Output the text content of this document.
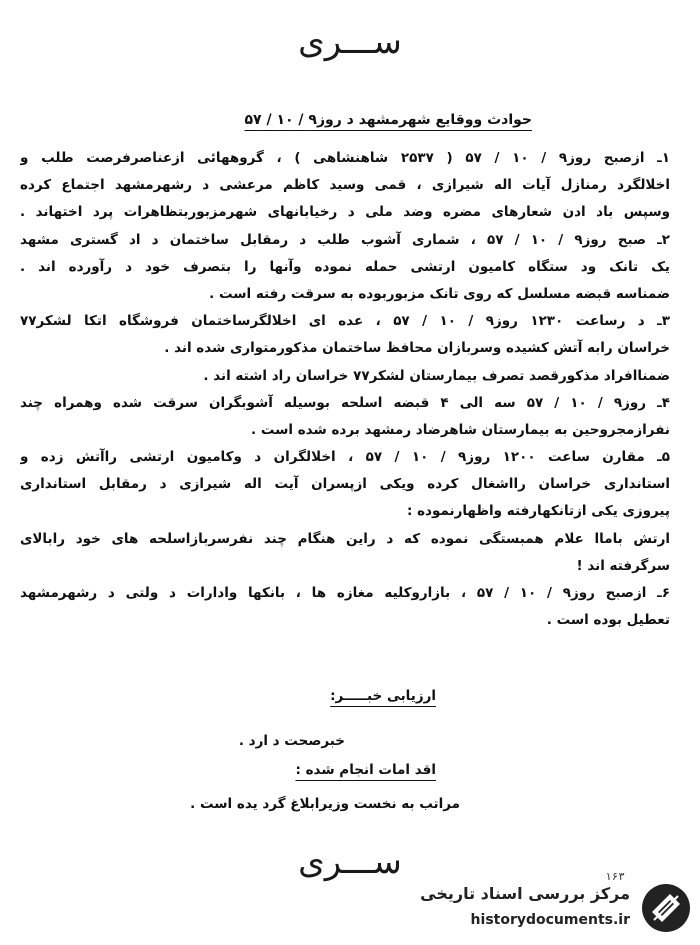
ســـری
حوادث ووقایع شهرمشهد د روز۹ / ۱۰ / ۵۷
۱ـ ازصبح روز۹ / ۱۰ / ۵۷ ( ۲۵۳۷ شاهنشاهی ) ، گروههائی ازعناصرفرصت طلب و
اخلالگرد رمنازل آیات اله شیرازی ، قمی وسید کاظم مرعشی د رشهرمشهد اجتماع کرده
وسپس باد ادن شعارهای مضره وضد ملی د رخیابانهای شهرمزبوربتظاهرات پرد اختهاند .
۲ـ صبح روز۹ / ۱۰ / ۵۷ ، شماری آشوب طلب د رمقابل ساختمان د اد گستری مشهد
یک تانک ود ستگاه کامیون ارتشی حمله نموده وآنها را بتصرف خود د رآورده اند .
ضمناسه قبضه مسلسل که روی تانک مزبوربوده به سرقت رفته است .
۳ـ د رساعت ۱۲۳۰ روز۹ / ۱۰ / ۵۷ ، عده ای اخلالگرساختمان فروشگاه اتکا لشکر۷۷
خراسان رابه آتش کشیده وسربازان محافظ ساختمان مذکورمتواری شده اند .
ضمناافراد مذکورقصد تصرف بیمارستان لشکر۷۷ خراسان راد اشته اند .
۴ـ روز۹ / ۱۰ / ۵۷ سه الی ۴ قبضه اسلحه بوسیله آشوبگران سرقت شده وهمراه چند
نفرازمجروحین به بیمارستان شاهرضاد رمشهد برده شده است .
۵ـ مقارن ساعت ۱۲۰۰ روز۹ / ۱۰ / ۵۷ ، اخلالگران د وکامیون ارتشی راآتش زده و
استانداری خراسان رااشغال کرده ویکی ازپسران آیت اله شیرازی د رمقابل استانداری
پیروزی یکی ازتانکهارفته واظهارنموده :
ارتش باماا علام همبستگی نموده که د راین هنگام چند نفرسربازاسلحه های خود رابالای
سرگرفته اند !
۶ـ ازصبح روز۹ / ۱۰ / ۵۷ ، بازاروکلیه مغازه ها ، بانکها وادارات د ولتی د رشهرمشهد
تعطیل بوده است .
ارزیابی خبـــــر:
خبرصحت د ارد .
اقد امات انجام شده :
مراتب به نخست وزیرابلاغ گرد یده است .
ســـری	۱۶۳
مرکز بررسی اسناد تاریخی
historydocuments.ir
